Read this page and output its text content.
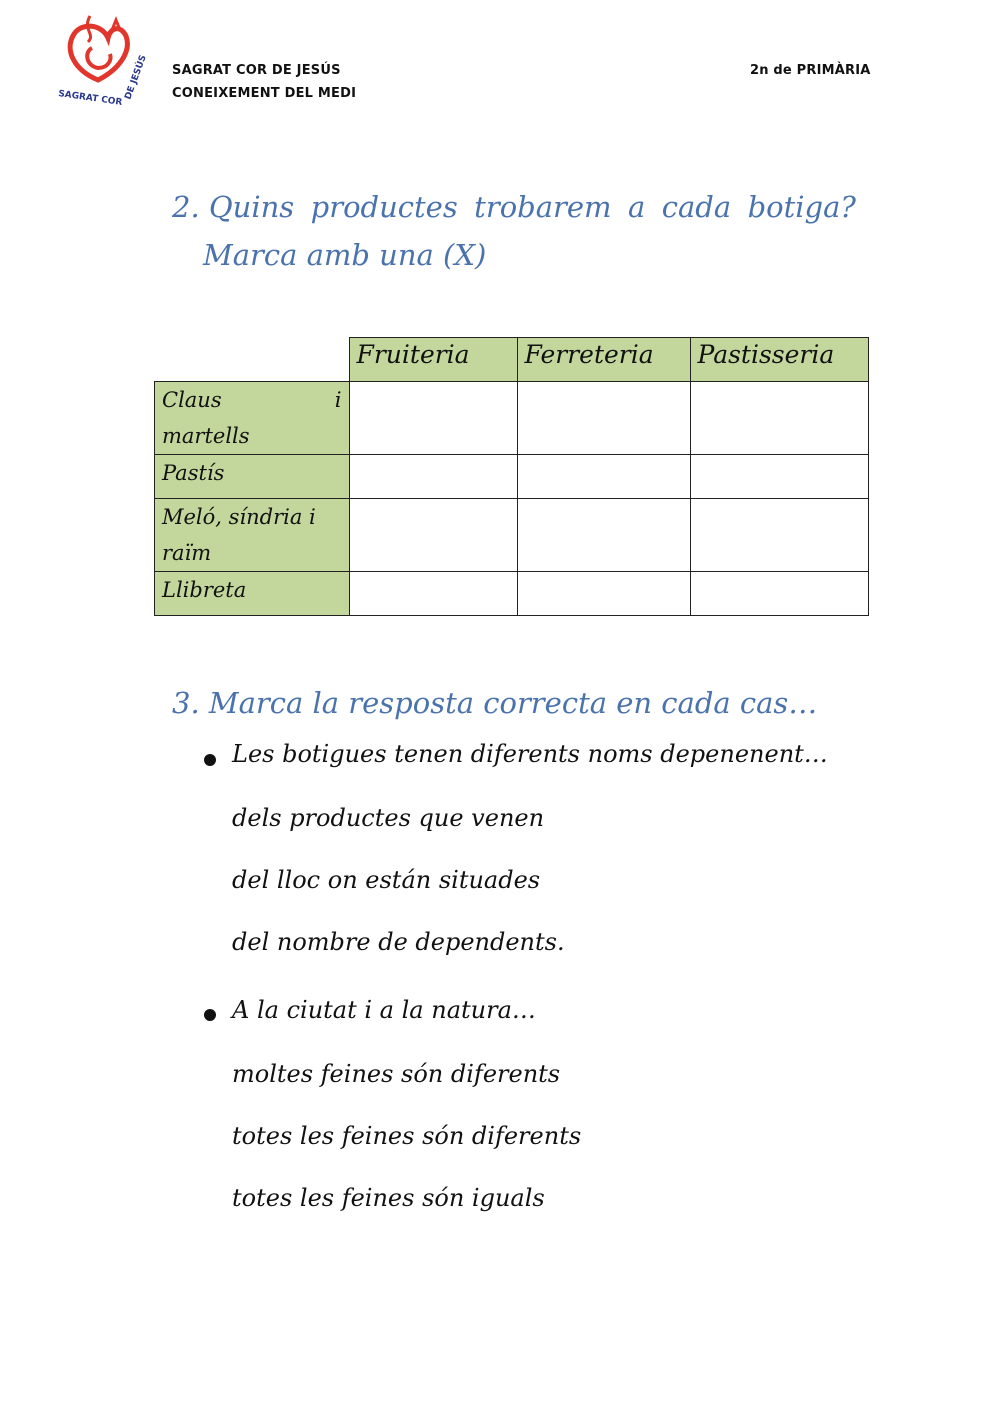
SAGRAT COR DE JESÚS SAGRAT COR DE JESÚS
CONEIXEMENT DEL MEDI
2n de PRIMÀRIA
2. Quins productes trobarem a cada botiga?
Marca amb una (X)
	Fruiteria	Ferreteria	Pastisseria

Claus i
martells			

Pastís			

Meló, síndria i
raïm			

Llibreta			
3. Marca la resposta correcta en cada cas…
Les botigues tenen diferents noms depenenent…
dels productes que venen
del lloc on están situades
del nombre de dependents.
A la ciutat i a la natura…
moltes feines són diferents
totes les feines són diferents
totes les feines són iguals
